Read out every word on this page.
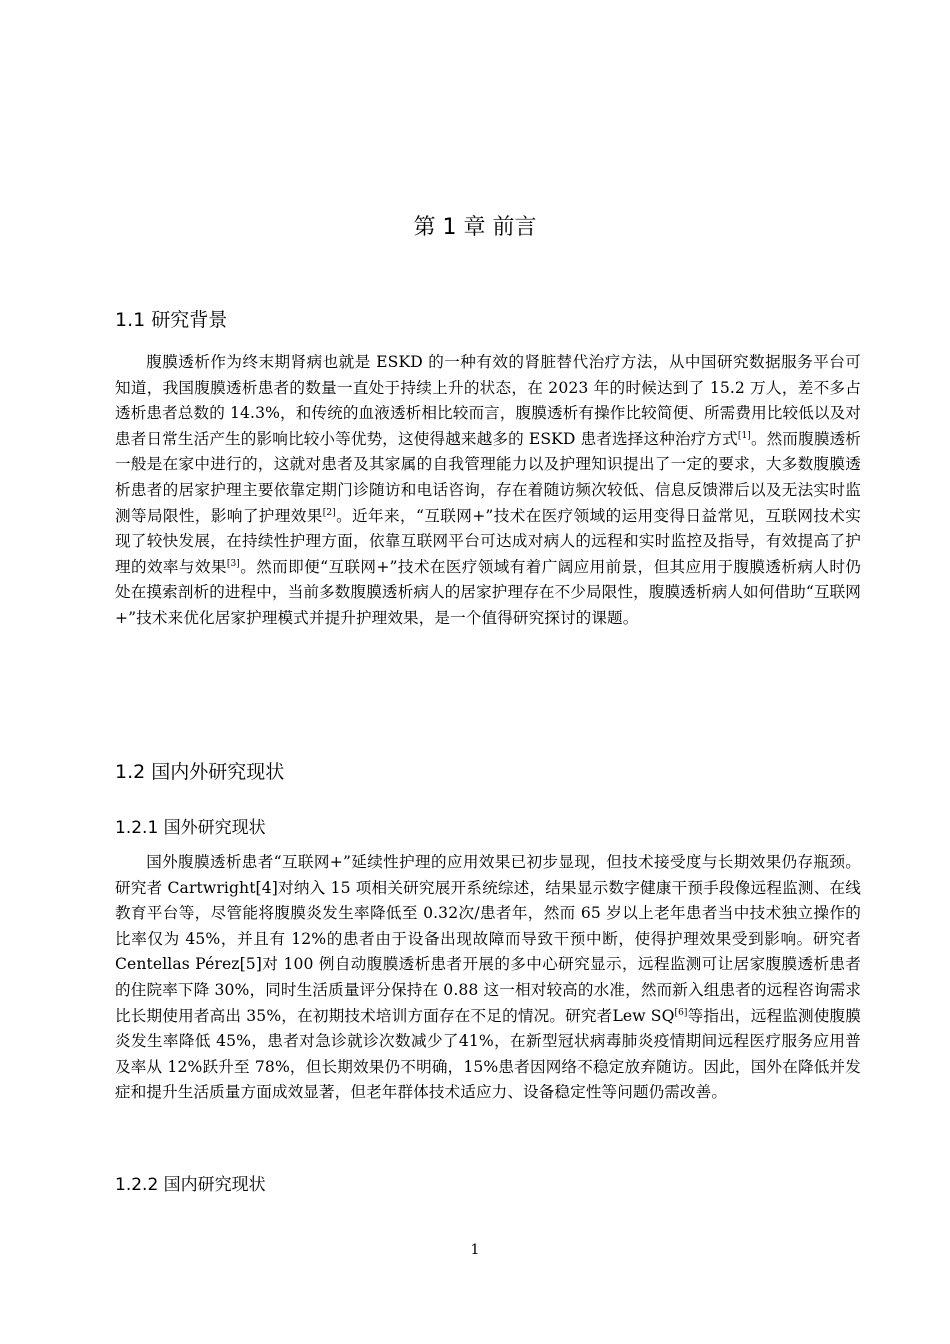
第 1 章 前言
1.1 研究背景

腹膜透析作为终末期肾病也就是 ESKD 的一种有效的肾脏替代治疗方法，从中国研究数据服务平台可知道，我国腹膜透析患者的数量一直处于持续上升的状态，在 2023 年的时候达到了 15.2 万人，差不多占透析患者总数的 14.3%，和传统的血液透析相比较而言，腹膜透析有操作比较简便、所需费用比较低以及对患者日常生活产生的影响比较小等优势，这使得越来越多的 ESKD 患者选择这种治疗方式[1]。然而腹膜透析一般是在家中进行的，这就对患者及其家属的自我管理能力以及护理知识提出了一定的要求，大多数腹膜透析患者的居家护理主要依靠定期门诊随访和电话咨询，存在着随访频次较低、信息反馈滞后以及无法实时监测等局限性，影响了护理效果[2]。近年来，“互联网+”技术在医疗领域的运用变得日益常见，互联网技术实现了较快发展，在持续性护理方面，依靠互联网平台可达成对病人的远程和实时监控及指导，有效提高了护理的效率与效果[3]。然而即便“互联网+”技术在医疗领域有着广阔应用前景，但其应用于腹膜透析病人时仍处在摸索剖析的进程中，当前多数腹膜透析病人的居家护理存在不少局限性，腹膜透析病人如何借助“互联网+”技术来优化居家护理模式并提升护理效果，是一个值得研究探讨的课题。

1.2 国内外研究现状
1.2.1 国外研究现状

国外腹膜透析患者“互联网+”延续性护理的应用效果已初步显现，但技术接受度与长期效果仍存瓶颈。研究者 Cartwright[4]对纳入 15 项相关研究展开系统综述，结果显示数字健康干预手段像远程监测、在线教育平台等，尽管能将腹膜炎发生率降低至 0.32次/患者年，然而 65 岁以上老年患者当中技术独立操作的比率仅为 45%，并且有 12%的患者由于设备出现故障而导致干预中断，使得护理效果受到影响。研究者 Centellas Pérez[5]对 100 例自动腹膜透析患者开展的多中心研究显示，远程监测可让居家腹膜透析患者的住院率下降 30%，同时生活质量评分保持在 0.88 这一相对较高的水准，然而新入组患者的远程咨询需求比长期使用者高出 35%，在初期技术培训方面存在不足的情况。研究者Lew SQ[6]等指出，远程监测使腹膜炎发生率降低 45%，患者对急诊就诊次数减少了41%，在新型冠状病毒肺炎疫情期间远程医疗服务应用普及率从 12%跃升至 78%，但长期效果仍不明确，15%患者因网络不稳定放弃随访。因此，国外在降低并发症和提升生活质量方面成效显著，但老年群体技术适应力、设备稳定性等问题仍需改善。

1.2.2 国内研究现状
1
